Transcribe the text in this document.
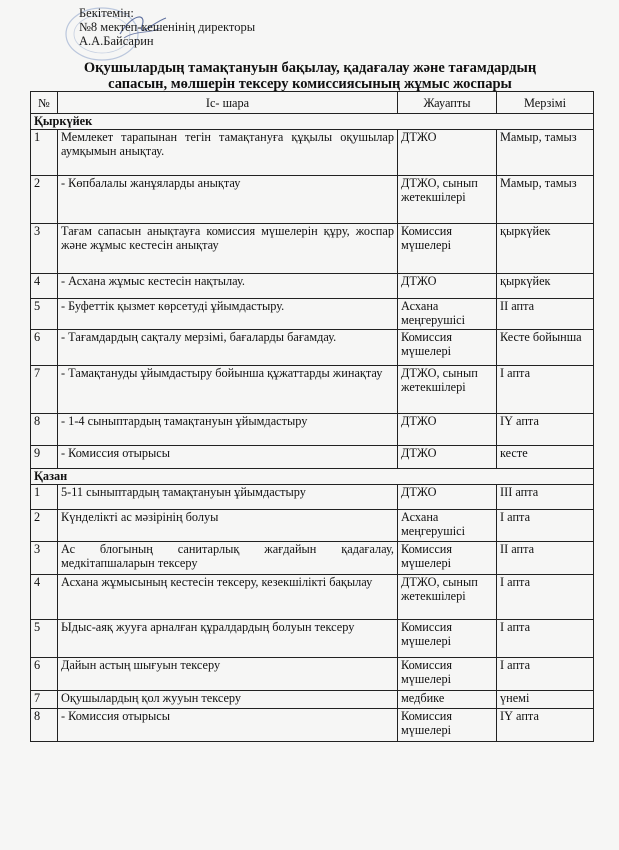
Бекітемін:
№8 мектеп-кешенінің директоры
А.А.Байсарин
Оқушылардың тамақтануын бақылау, қадағалау және тағамдардың
сапасын, мөлшерін тексеру комиссиясының жұмыс жоспары
№	Іс- шара	Жауапты	Мерзімі
Қыркүйек			
1	Мемлекет тарапынан тегін тамақтануға құқылы оқушылар аумқымын анықтау.	ДТЖО	Мамыр, тамыз
2	- Көпбалалы жанұяларды анықтау	ДТЖО, сынып жетекшілері	Мамыр, тамыз
3	Тағам сапасын анықтауға комиссия мүшелерін құру, жоспар және жұмыс кестесін анықтау	Комиссия мүшелері	қыркүйек
4	- Асхана жұмыс кестесін нақтылау.	ДТЖО	қыркүйек
5	- Буфеттік қызмет көрсетуді ұйымдастыру.	Асхана меңгерушісі	ІІ апта
6	- Тағамдардың сақталу мерзімі, бағаларды бағамдау.	Комиссия мүшелері	Кесте бойынша
7	- Тамақтануды ұйымдастыру бойынша құжаттарды жинақтау	ДТЖО, сынып жетекшілері	І апта
8	- 1-4 сыныптардың тамақтануын ұйымдастыру	ДТЖО	ІҮ апта
9	- Комиссия отырысы	ДТЖО	кесте
Қазан			
1	5-11 сыныптардың тамақтануын ұйымдастыру	ДТЖО	ІІІ апта
2	Күнделікті ас мәзірінің болуы	Асхана меңгерушісі	І апта
3	Ас блогының санитарлық жағдайын қадағалау, медкітапшаларын тексеру	Комиссия мүшелері	ІІ апта
4	Асхана жұмысының кестесін тексеру, кезекшілікті бақылау	ДТЖО, сынып жетекшілері	І апта
5	Ыдыс-аяқ жууға арналған құралдардың болуын тексеру	Комиссия мүшелері	І апта
6	Дайын астың шығуын тексеру	Комиссия мүшелері	І апта
7	Оқушылардың қол жууын тексеру	медбике	үнемі
8	- Комиссия отырысы	Комиссия мүшелері	ІҮ апта
